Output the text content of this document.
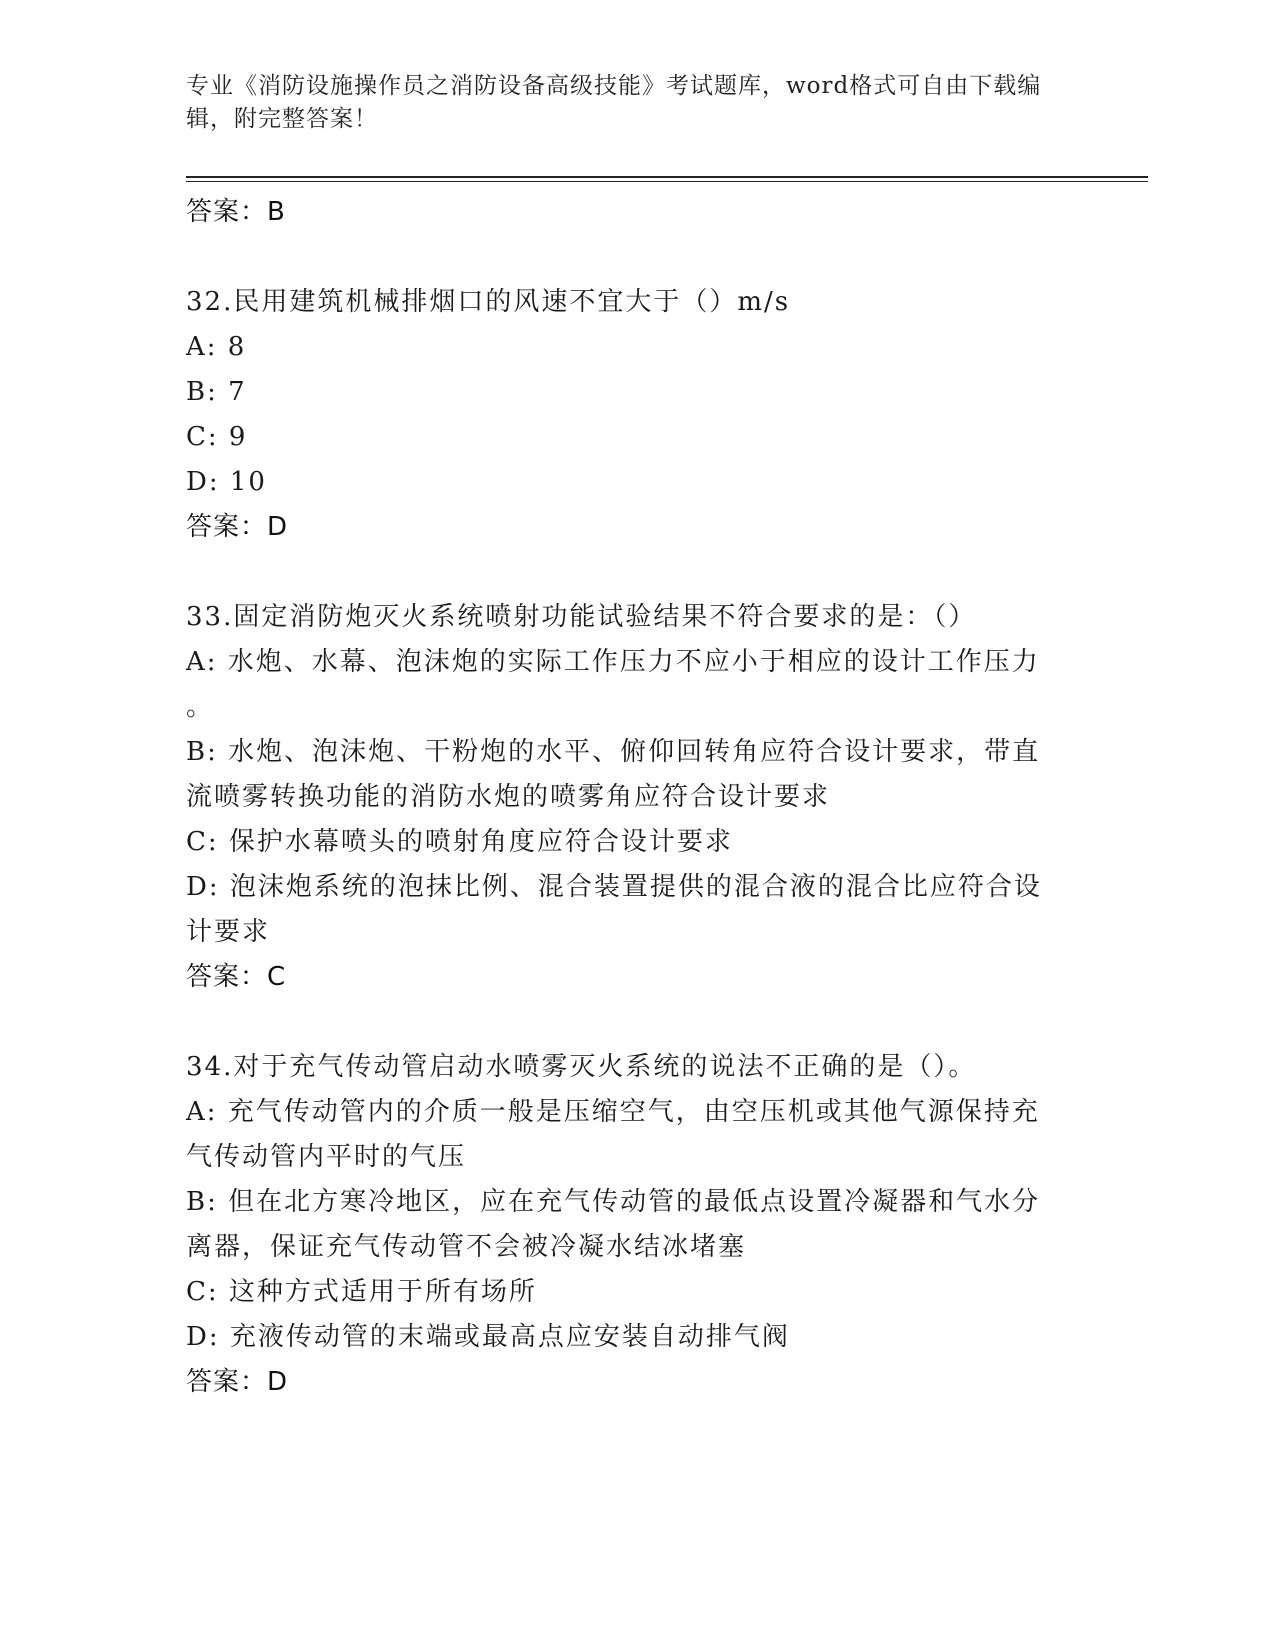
专业《消防设施操作员之消防设备高级技能》考试题库，word格式可自由下载编
辑，附完整答案！
答案：B
32.民用建筑机械排烟口的风速不宜大于（）m/s
A: 8
B: 7
C: 9
D: 10
答案：D
33.固定消防炮灭火系统喷射功能试验结果不符合要求的是：（）
A: 水炮、水幕、泡沫炮的实际工作压力不应小于相应的设计工作压力
。
B: 水炮、泡沫炮、干粉炮的水平、俯仰回转角应符合设计要求，带直
流喷雾转换功能的消防水炮的喷雾角应符合设计要求
C: 保护水幕喷头的喷射角度应符合设计要求
D: 泡沫炮系统的泡抹比例、混合装置提供的混合液的混合比应符合设
计要求
答案：C
34.对于充气传动管启动水喷雾灭火系统的说法不正确的是（）。
A: 充气传动管内的介质一般是压缩空气，由空压机或其他气源保持充
气传动管内平时的气压
B: 但在北方寒冷地区，应在充气传动管的最低点设置冷凝器和气水分
离器，保证充气传动管不会被冷凝水结冰堵塞
C: 这种方式适用于所有场所
D: 充液传动管的末端或最高点应安装自动排气阀
答案：D
